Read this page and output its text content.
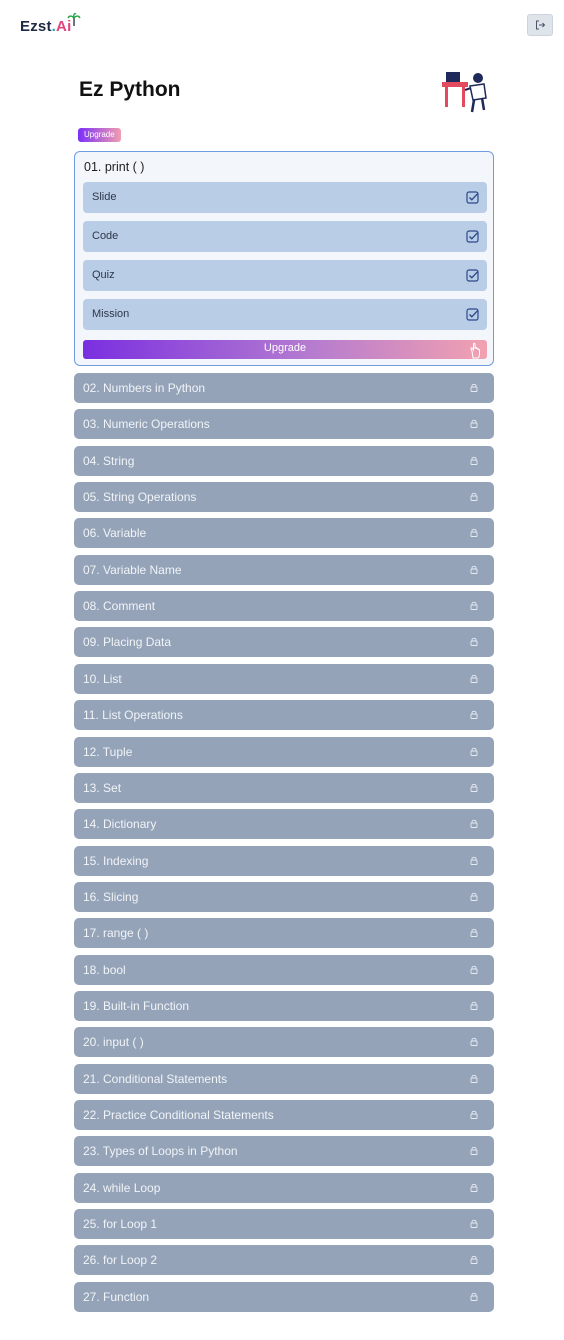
Ezst.Ai
Ez Python
Upgrade
01. print ( )
Slide
Code
Quiz
Mission
Upgrade
02. Numbers in Python
03. Numeric Operations
04. String
05. String Operations
06. Variable
07. Variable Name
08. Comment
09. Placing Data
10. List
11. List Operations
12. Tuple
13. Set
14. Dictionary
15. Indexing
16. Slicing
17. range ( )
18. bool
19. Built-in Function
20. input ( )
21. Conditional Statements
22. Practice Conditional Statements
23. Types of Loops in Python
24. while Loop
25. for Loop 1
26. for Loop 2
27. Function
